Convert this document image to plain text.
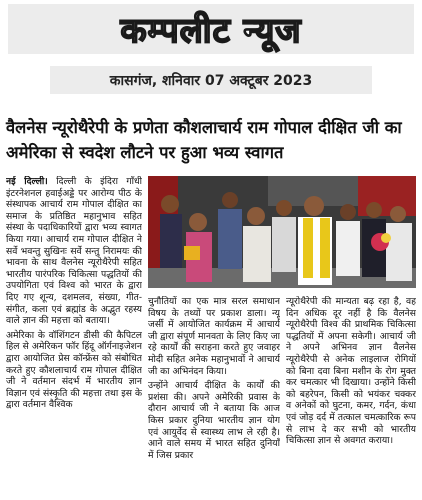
कम्पलीट न्यूज
कासगंज, शनिवार 07 अक्टूबर 2023
वैलनेस न्यूरोथैरेपी के प्रणेता कौशलाचार्य राम गोपाल दीक्षित जी का अमेरिका से स्वदेश लौटने पर हुआ भव्य स्वागत

नई दिल्ली। दिल्ली के इंदिरा गाँधी इंटरनेशनल हवाईअड्डे पर आरोग्य पीठ के संस्थापक आचार्य राम गोपाल दीक्षित का समाज के प्रतिष्ठित महानुभाव सहित संस्था के पदाधिकारियों द्वारा भव्य स्वागत किया गया। आचार्य राम गोपाल दीक्षित ने सर्वे भवन्तु सुखिनः सर्वे सन्तु निरामयः की भावना के साथ वैलनेस न्यूरोथैरेपी सहित भारतीय पारंपरिक चिकित्सा पद्धतियों की उपयोगिता एवं विश्व को भारत के द्वारा दिए गए शून्य, दशमलव, संख्या, गीत-संगीत, कला एवं ब्रह्मांड के अद्भुत रहस्य वाले ज्ञान की महत्ता को बताया।

अमेरिका के वॉशिंगटन डीसी की कैपिटल हिल से अमेरिकन फॉर हिंदू ऑर्गनाइजेशन द्वारा आयोजित प्रेस कॉन्फ्रेंस को संबोधित करते हुए कौशलाचार्य राम गोपाल दीक्षित जी ने वर्तमान संदर्भ में भारतीय ज्ञान विज्ञान एवं संस्कृति की महत्ता तथा इस के द्वारा वर्तमान वैश्विक

चुनौतियों का एक मात्र सरल समाधान विषय के तथ्यों पर प्रकाश डाला। न्यू जर्सी में आयोजित कार्यक्रम में आचार्य जी द्वारा संपूर्ण मानवता के लिए किए जा रहे कार्यों की सराहना करते हुए जवाहर मोदी सहित अनेक महानुभावों ने आचार्य जी का अभिनंदन किया।

उन्होंने आचार्य दीक्षित के कार्यों की प्रशंसा की। अपने अमेरिकी प्रवास के दौरान आचार्य जी ने बताया कि आज किस प्रकार दुनिया भारतीय ज्ञान योग एवं आयुर्वेद से स्वास्थ्य लाभ ले रही है। आने वाले समय में भारत सहित दुनियाँ में जिस प्रकार

न्यूरोथैरेपी की मान्यता बढ़ रहा है, वह दिन अधिक दूर नहीं है कि वैलनेस न्यूरोथैरेपी विश्व की प्राथमिक चिकित्सा पद्धतियों में अपना सकेगी। आचार्य जी ने अपने अभिनव ज्ञान वैलनेस न्यूरोथैरेपी से अनेक लाइलाज रोगियों को बिना दवा बिना मशीन के रोग मुक्त कर चमत्कार भी दिखाया। उन्होंने किसी को बहरेपन, किसी को भयंकर चक्कर व अनेकों को घुटना, कमर, गर्दन, कंधा एवं जोड़ दर्द में तत्काल चमत्कारिक रूप से लाभ दे कर सभी को भारतीय चिकित्सा ज्ञान से अवगत कराया।
